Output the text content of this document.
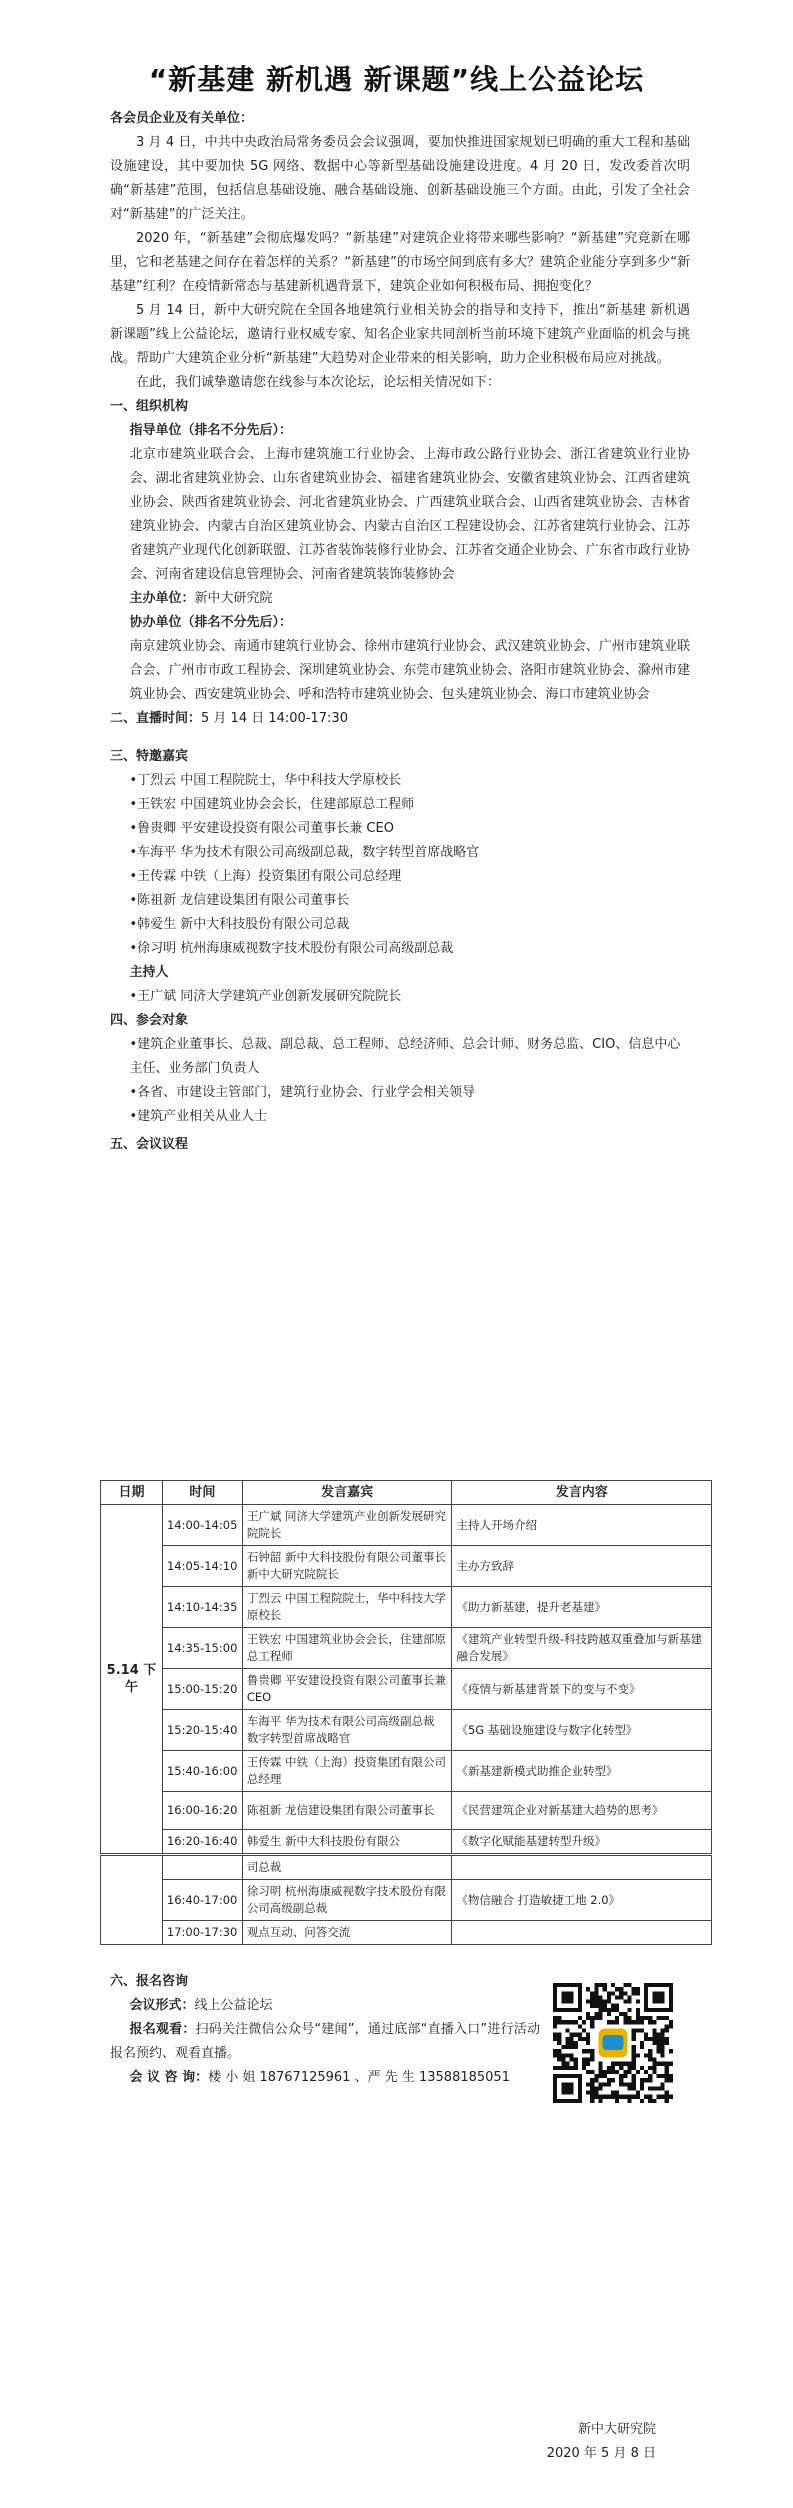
“新基建 新机遇 新课题”线上公益论坛

各会员企业及有关单位：

3 月 4 日，中共中央政治局常务委员会会议强调，要加快推进国家规划已明确的重大工程和基础设施建设，其中要加快 5G 网络、数据中心等新型基础设施建设进度。4 月 20 日，发改委首次明确“新基建”范围，包括信息基础设施、融合基础设施、创新基础设施三个方面。由此，引发了全社会对“新基建”的广泛关注。

2020 年，“新基建”会彻底爆发吗？“新基建”对建筑企业将带来哪些影响？“新基建”究竟新在哪里，它和老基建之间存在着怎样的关系？“新基建”的市场空间到底有多大？建筑企业能分享到多少“新基建”红利？在疫情新常态与基建新机遇背景下，建筑企业如何积极布局、拥抱变化？

5 月 14 日，新中大研究院在全国各地建筑行业相关协会的指导和支持下，推出“新基建 新机遇 新课题”线上公益论坛，邀请行业权威专家、知名企业家共同剖析当前环境下建筑产业面临的机会与挑战。帮助广大建筑企业分析“新基建”大趋势对企业带来的相关影响，助力企业积极布局应对挑战。

在此，我们诚挚邀请您在线参与本次论坛，论坛相关情况如下：

一、组织机构

指导单位（排名不分先后）：

北京市建筑业联合会、上海市建筑施工行业协会、上海市政公路行业协会、浙江省建筑业行业协会、湖北省建筑业协会、山东省建筑业协会、福建省建筑业协会、安徽省建筑业协会、江西省建筑业协会、陕西省建筑业协会、河北省建筑业协会、广西建筑业联合会、山西省建筑业协会、吉林省建筑业协会、内蒙古自治区建筑业协会、内蒙古自治区工程建设协会、江苏省建筑行业协会、江苏省建筑产业现代化创新联盟、江苏省装饰装修行业协会、江苏省交通企业协会、广东省市政行业协会、河南省建设信息管理协会、河南省建筑装饰装修协会

主办单位：新中大研究院

协办单位（排名不分先后）：

南京建筑业协会、南通市建筑行业协会、徐州市建筑行业协会、武汉建筑业协会、广州市建筑业联合会、广州市市政工程协会、深圳建筑业协会、东莞市建筑业协会、洛阳市建筑业协会、滁州市建筑业协会、西安建筑业协会、呼和浩特市建筑业协会、包头建筑业协会、海口市建筑业协会

二、直播时间：5 月 14 日 14:00-17:30

三、特邀嘉宾

•丁烈云 中国工程院院士，华中科技大学原校长
•王铁宏 中国建筑业协会会长，住建部原总工程师
•鲁贵卿 平安建设投资有限公司董事长兼 CEO
•车海平 华为技术有限公司高级副总裁，数字转型首席战略官
•王传霖 中铁（上海）投资集团有限公司总经理
•陈祖新 龙信建设集团有限公司董事长
•韩爱生 新中大科技股份有限公司总裁
•徐习明 杭州海康威视数字技术股份有限公司高级副总裁
主持人
•王广斌 同济大学建筑产业创新发展研究院院长

四、参会对象

•建筑企业董事长、总裁、副总裁、总工程师、总经济师、总会计师、财务总监、CIO、信息中心主任、业务部门负责人
•各省、市建设主管部门，建筑行业协会、行业学会相关领导
•建筑产业相关从业人士

五、会议议程

日期	时间	发言嘉宾	发言内容
5.14 下午	14:00-14:05	王广斌 同济大学建筑产业创新发展研究院院长	主持人开场介绍
	14:05-14:10	石钟韶 新中大科技股份有限公司董事长 新中大研究院院长	主办方致辞
	14:10-14:35	丁烈云 中国工程院院士，华中科技大学原校长	《助力新基建，提升老基建》
	14:35-15:00	王铁宏 中国建筑业协会会长，住建部原总工程师	《建筑产业转型升级-科技跨越双重叠加与新基建融合发展》
	15:00-15:20	鲁贵卿 平安建设投资有限公司董事长兼 CEO	《疫情与新基建背景下的变与不变》
	15:20-15:40	车海平 华为技术有限公司高级副总裁 数字转型首席战略官	《5G 基础设施建设与数字化转型》
	15:40-16:00	王传霖 中铁（上海）投资集团有限公司总经理	《新基建新模式助推企业转型》
	16:00-16:20	陈祖新 龙信建设集团有限公司董事长	《民营建筑企业对新基建大趋势的思考》
	16:20-16:40	韩爱生 新中大科技股份有限公	《数字化赋能基建转型升级》
		司总裁	
	16:40-17:00	徐习明 杭州海康威视数字技术股份有限公司高级副总裁	《物信融合 打造敏捷工地 2.0》
	17:00-17:30	观点互动、问答交流	

六、报名咨询

会议形式：线上公益论坛

报名观看：扫码关注微信公众号“建闻”，通过底部“直播入口”进行活动报名预约、观看直播。

会 议 咨 询：楼 小 姐 18767125961 、严 先 生 13588185051

新中大研究院
2020 年 5 月 8 日
